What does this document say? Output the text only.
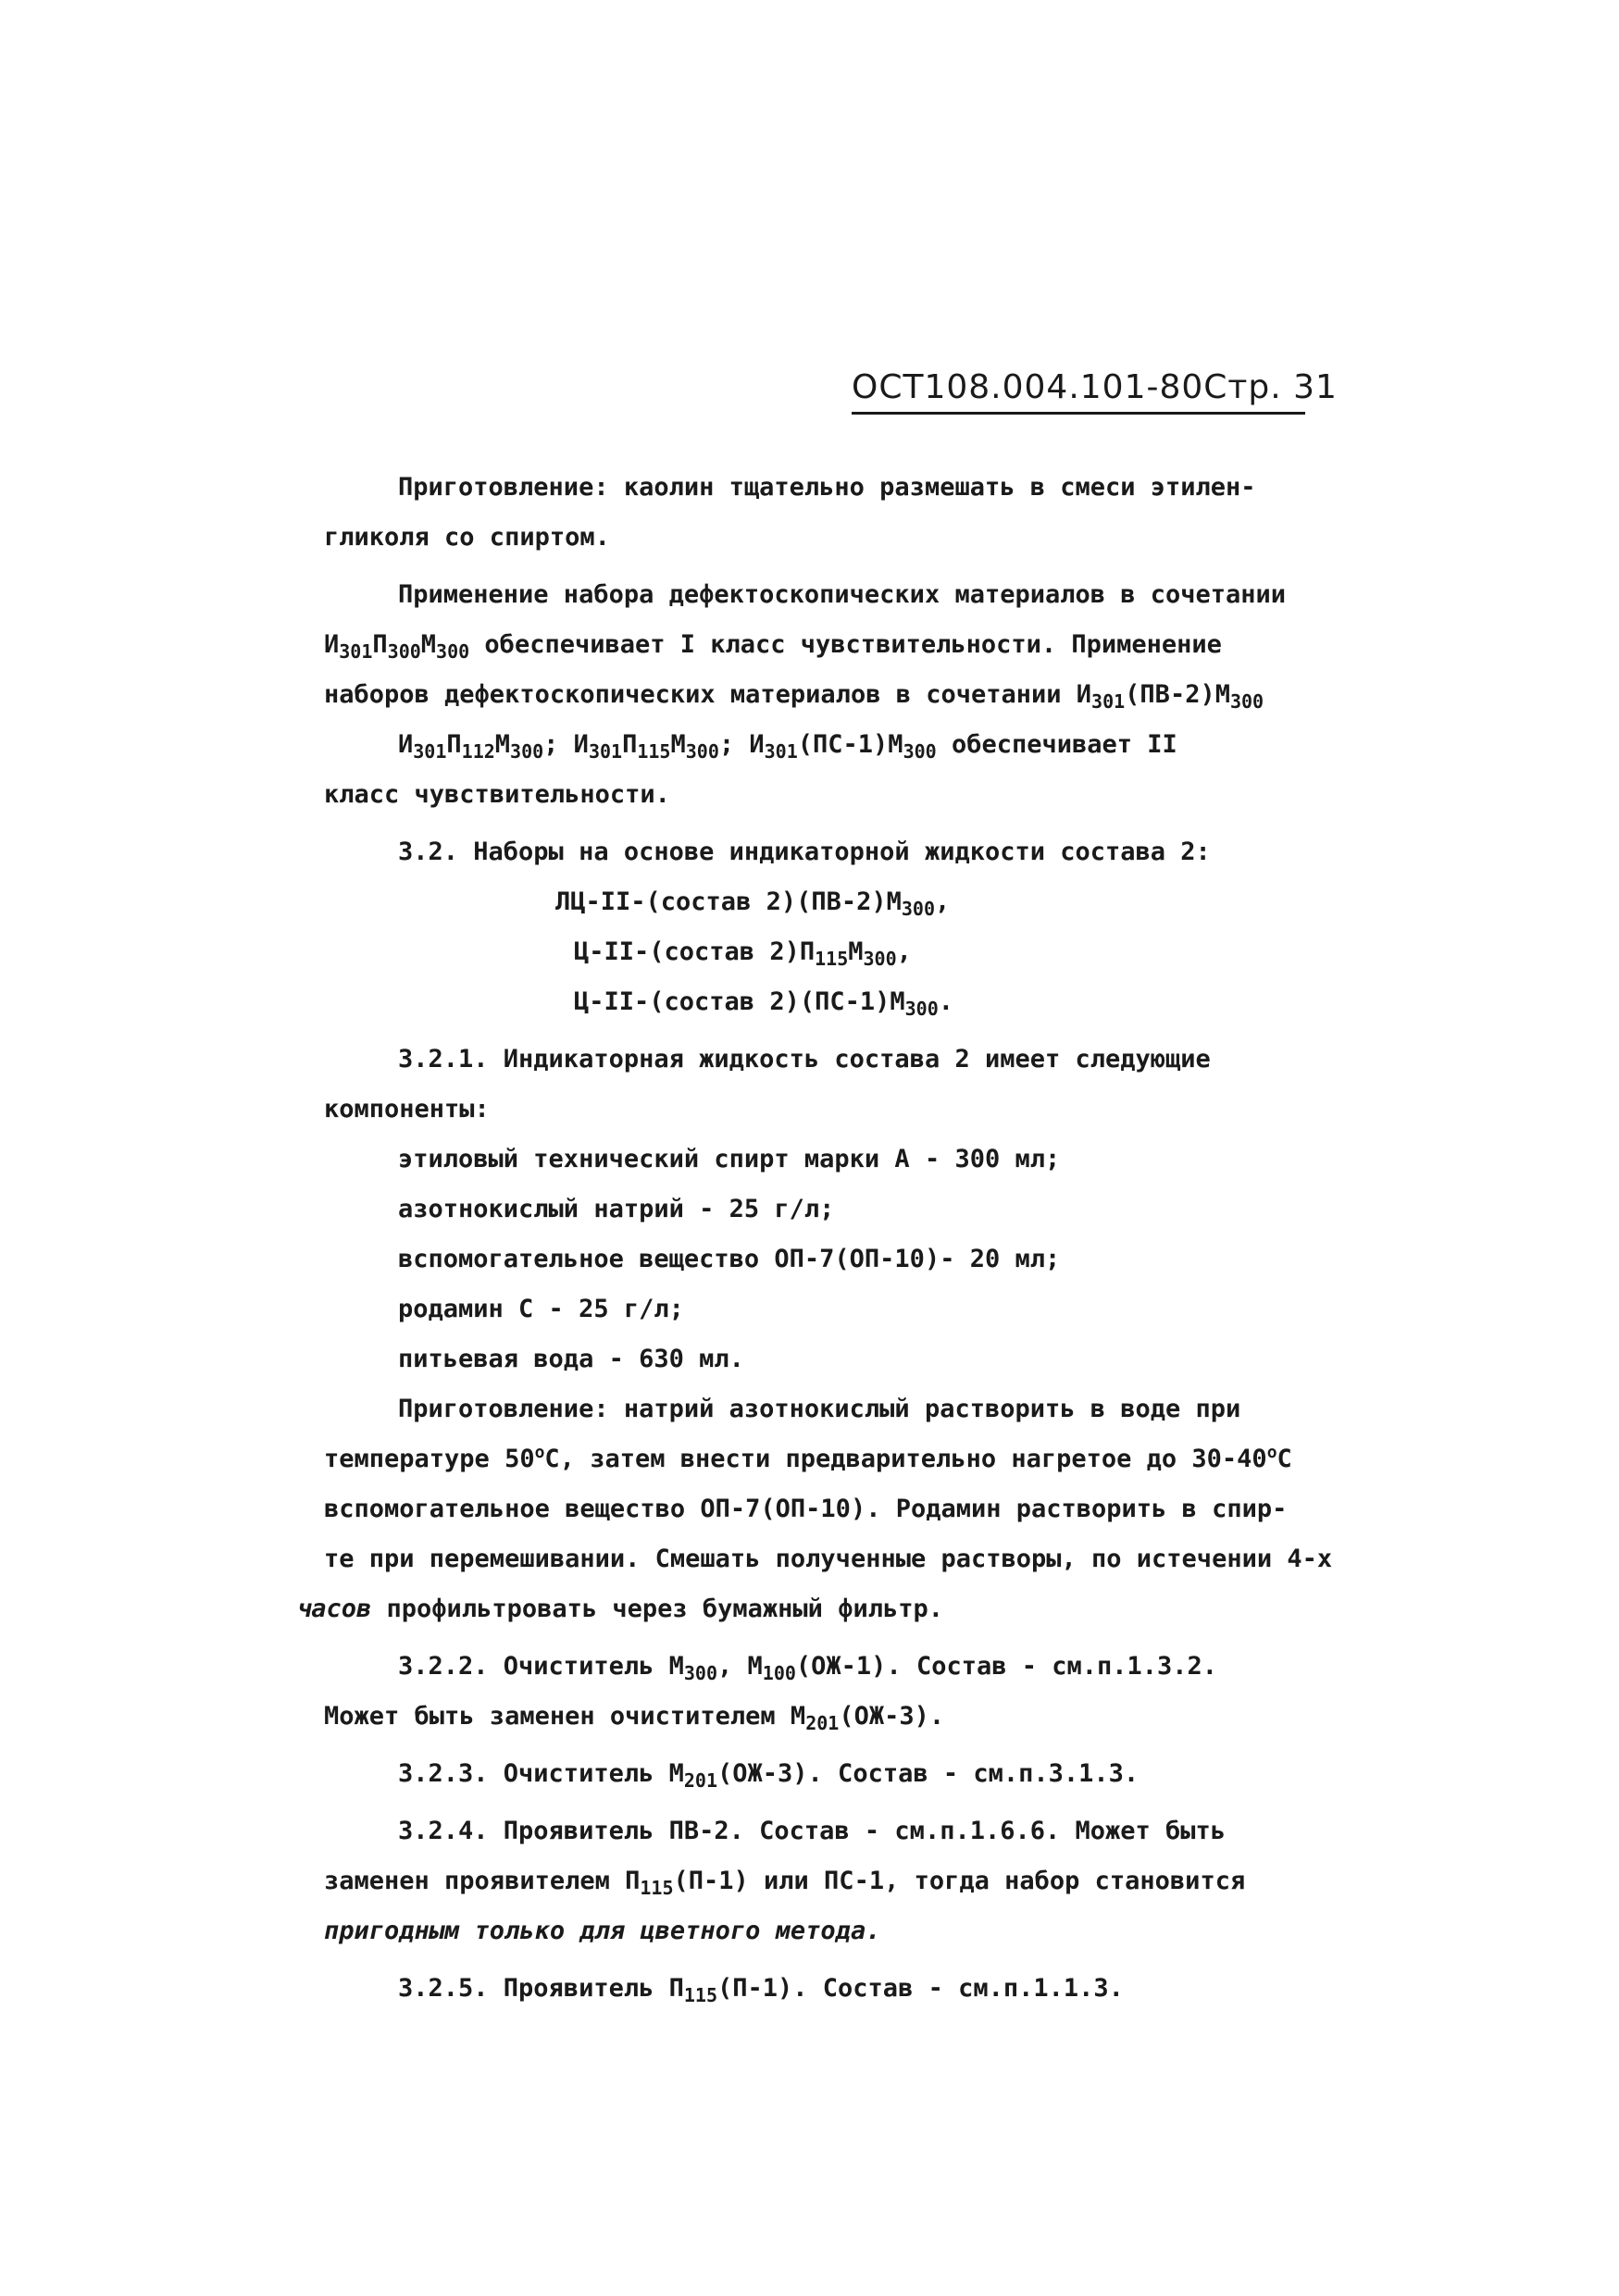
ОСТ108.004.101-80 Стр. 31

Приготовление: каолин тщательно размешать в смеси этилен-

гликоля со спиртом.

Применение набора дефектоскопических материалов в сочетании

$И_{301}П_{300}М_{300}$ обеспечивает I класс чувствительности. Применение

наборов дефектоскопических материалов в сочетании $И_{301}(ПВ-2)М_{300}$

$И_{301}П_{112}М_{300}$; $И_{301}П_{115}М_{300}$; $И_{301}(ПС-1)М_{300}$ обеспечивает II

класс чувствительности.

3.2. Наборы на основе индикаторной жидкости состава 2:

ЛЦ-II-(состав $2)(ПВ-2)М_{300}$,

Ц-II-(состав $2)П_{115}М_{300}$,

Ц-II-(состав $2)(ПС-1)М_{300}$.

3.2.1. Индикаторная жидкость состава 2 имеет следующие

компоненты:

этиловый технический спирт марки А - 300 мл;

азотнокислый натрий - 25 г/л;

вспомогательное вещество ОП-7(ОП-10)- 20 мл;

родамин С - 25 г/л;

питьевая вода - 630 мл.

Приготовление: натрий азотнокислый растворить в воде при

температуре $50^оС$, затем внести предварительно нагретое до $30-40^оС$

вспомогательное вещество ОП-7(ОП-10). Родамин растворить в спир-

те при перемешивании. Смешать полученные растворы, по истечении 4-х

часов профильтровать через бумажный фильтр.

3.2.2. Очиститель $М_{300}$, $М_{100}(ОЖ-1)$. Состав - см.п.1.3.2.

Может быть заменен очистителем $М_{201}(ОЖ-3)$.

3.2.3. Очиститель $М_{201}(ОЖ-3)$. Состав - см.п.3.1.3.

3.2.4. Проявитель ПВ-2. Состав - см.п.1.6.6. Может быть

заменен проявителем $П_{115}(П-1)$ или ПС-1, тогда набор становится

пригодным только для цветного метода.

3.2.5. Проявитель $П_{115}(П-1)$. Состав - см.п.1.1.3.
